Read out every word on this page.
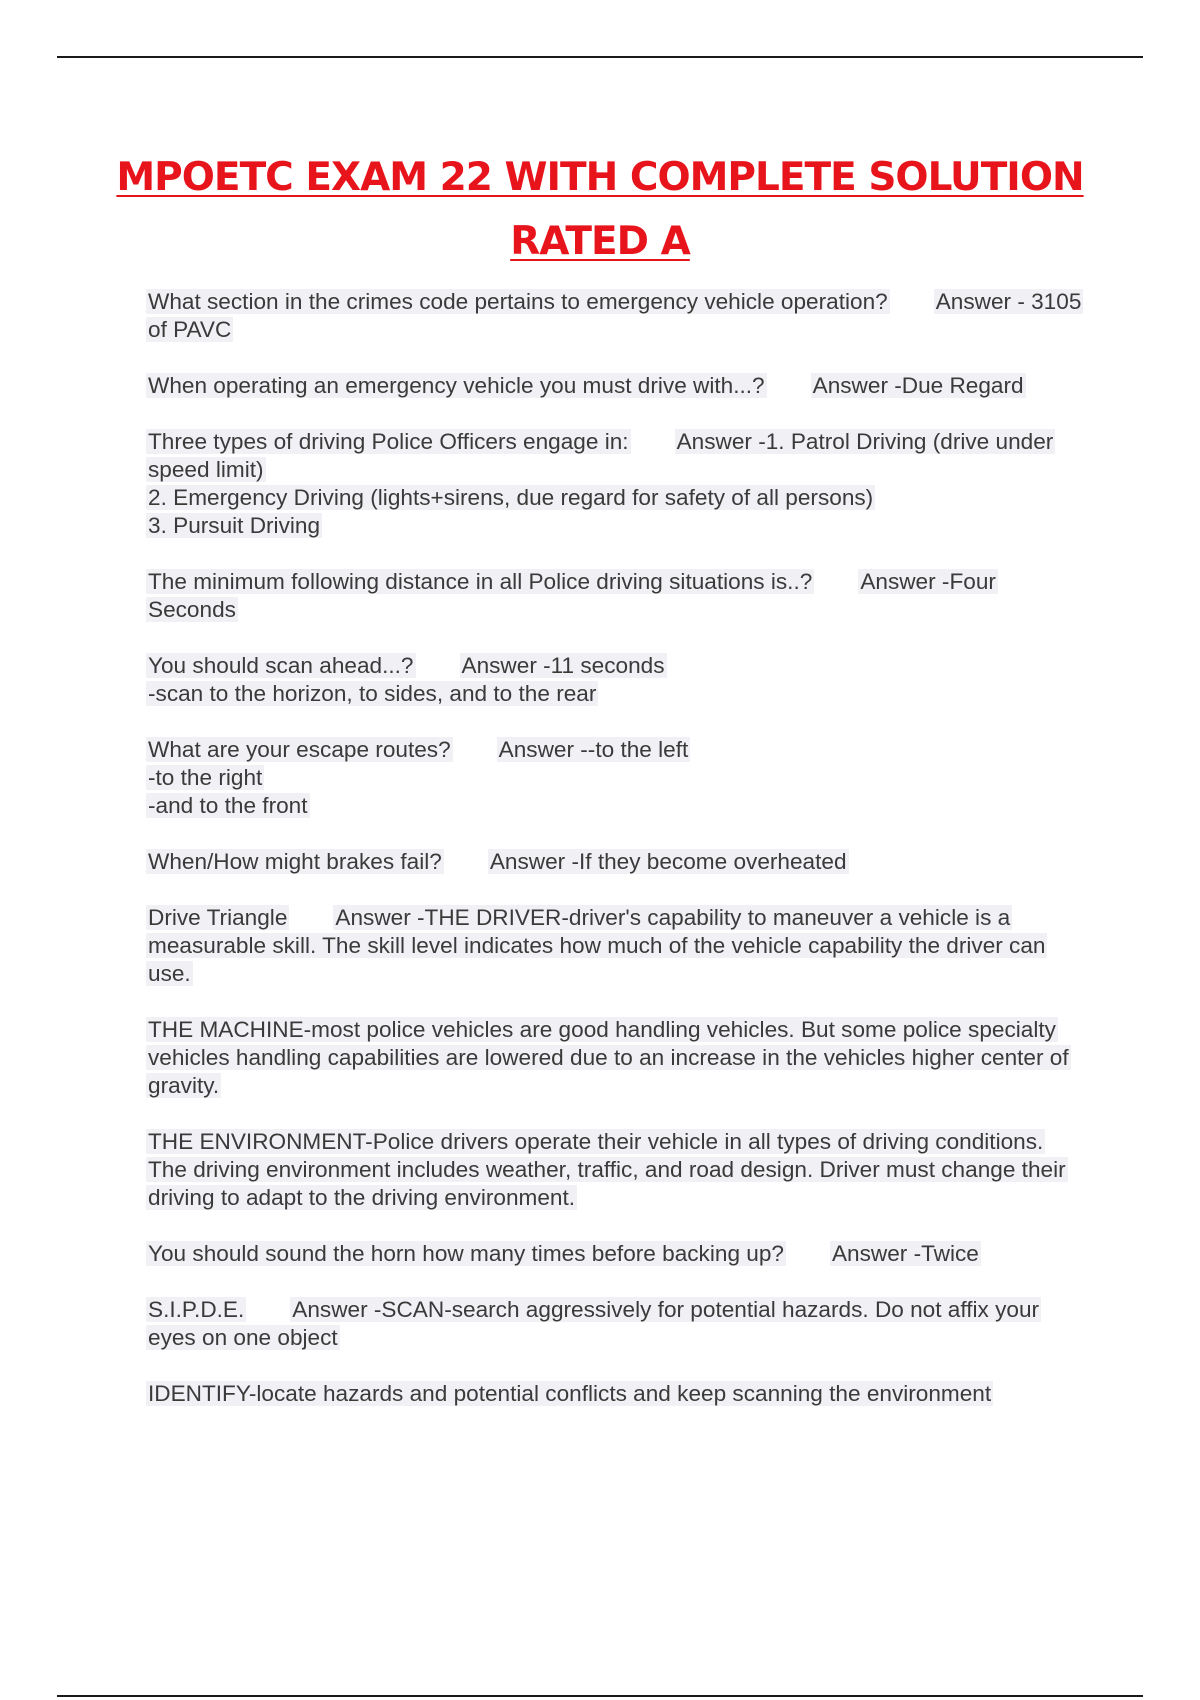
MPOETC EXAM 22 WITH COMPLETE SOLUTION
RATED A

What section in the crimes code pertains to emergency vehicle operation? Answer - 3105 of PAVC

When operating an emergency vehicle you must drive with...? Answer -Due Regard

Three types of driving Police Officers engage in: Answer -1. Patrol Driving (drive under speed limit)

2. Emergency Driving (lights+sirens, due regard for safety of all persons)

3. Pursuit Driving

The minimum following distance in all Police driving situations is..? Answer -Four Seconds

You should scan ahead...? Answer -11 seconds

-scan to the horizon, to sides, and to the rear

What are your escape routes? Answer --to the left

-to the right

-and to the front

When/How might brakes fail? Answer -If they become overheated

Drive Triangle Answer -THE DRIVER-driver's capability to maneuver a vehicle is a measurable skill. The skill level indicates how much of the vehicle capability the driver can use.

THE MACHINE-most police vehicles are good handling vehicles. But some police specialty vehicles handling capabilities are lowered due to an increase in the vehicles higher center of gravity.

THE ENVIRONMENT-Police drivers operate their vehicle in all types of driving conditions. The driving environment includes weather, traffic, and road design. Driver must change their driving to adapt to the driving environment.

You should sound the horn how many times before backing up? Answer -Twice

S.I.P.D.E. Answer -SCAN-search aggressively for potential hazards. Do not affix your eyes on one object

IDENTIFY-locate hazards and potential conflicts and keep scanning the environment
